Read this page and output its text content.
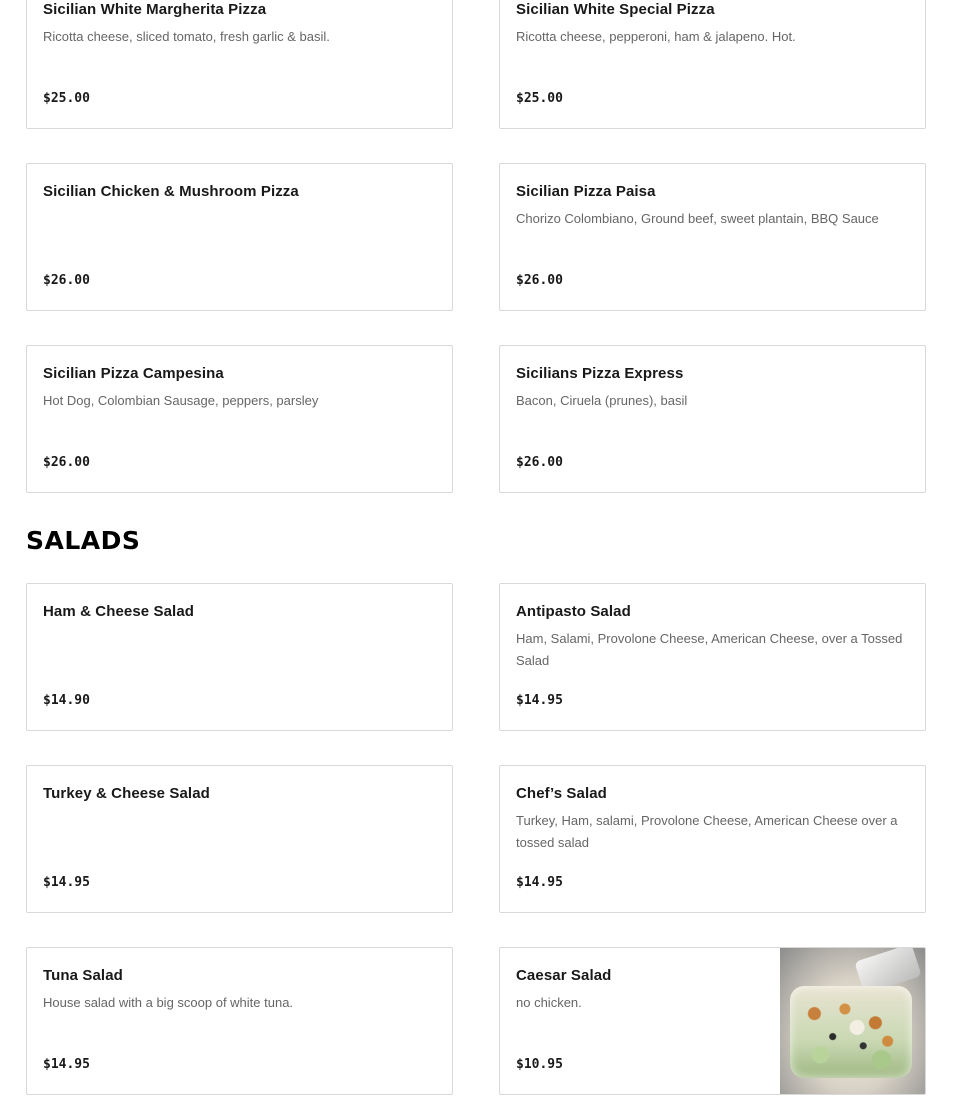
Sicilian White Margherita Pizza
Ricotta cheese, sliced tomato, fresh garlic & basil.
$25.00
Sicilian White Special Pizza
Ricotta cheese, pepperoni, ham & jalapeno. Hot.
$25.00
Sicilian Chicken & Mushroom Pizza
$26.00
Sicilian Pizza Paisa
Chorizo Colombiano, Ground beef, sweet plantain, BBQ Sauce
$26.00
Sicilian Pizza Campesina
Hot Dog, Colombian Sausage, peppers, parsley
$26.00
Sicilians Pizza Express
Bacon, Ciruela (prunes), basil
$26.00
SALADS
Ham & Cheese Salad
$14.90
Antipasto Salad
Ham, Salami, Provolone Cheese, American Cheese, over a Tossed Salad
$14.95
Turkey & Cheese Salad
$14.95
Chef’s Salad
Turkey, Ham, salami, Provolone Cheese, American Cheese over a tossed salad
$14.95
Tuna Salad
House salad with a big scoop of white tuna.
$14.95
Caesar Salad
no chicken.
$10.95
